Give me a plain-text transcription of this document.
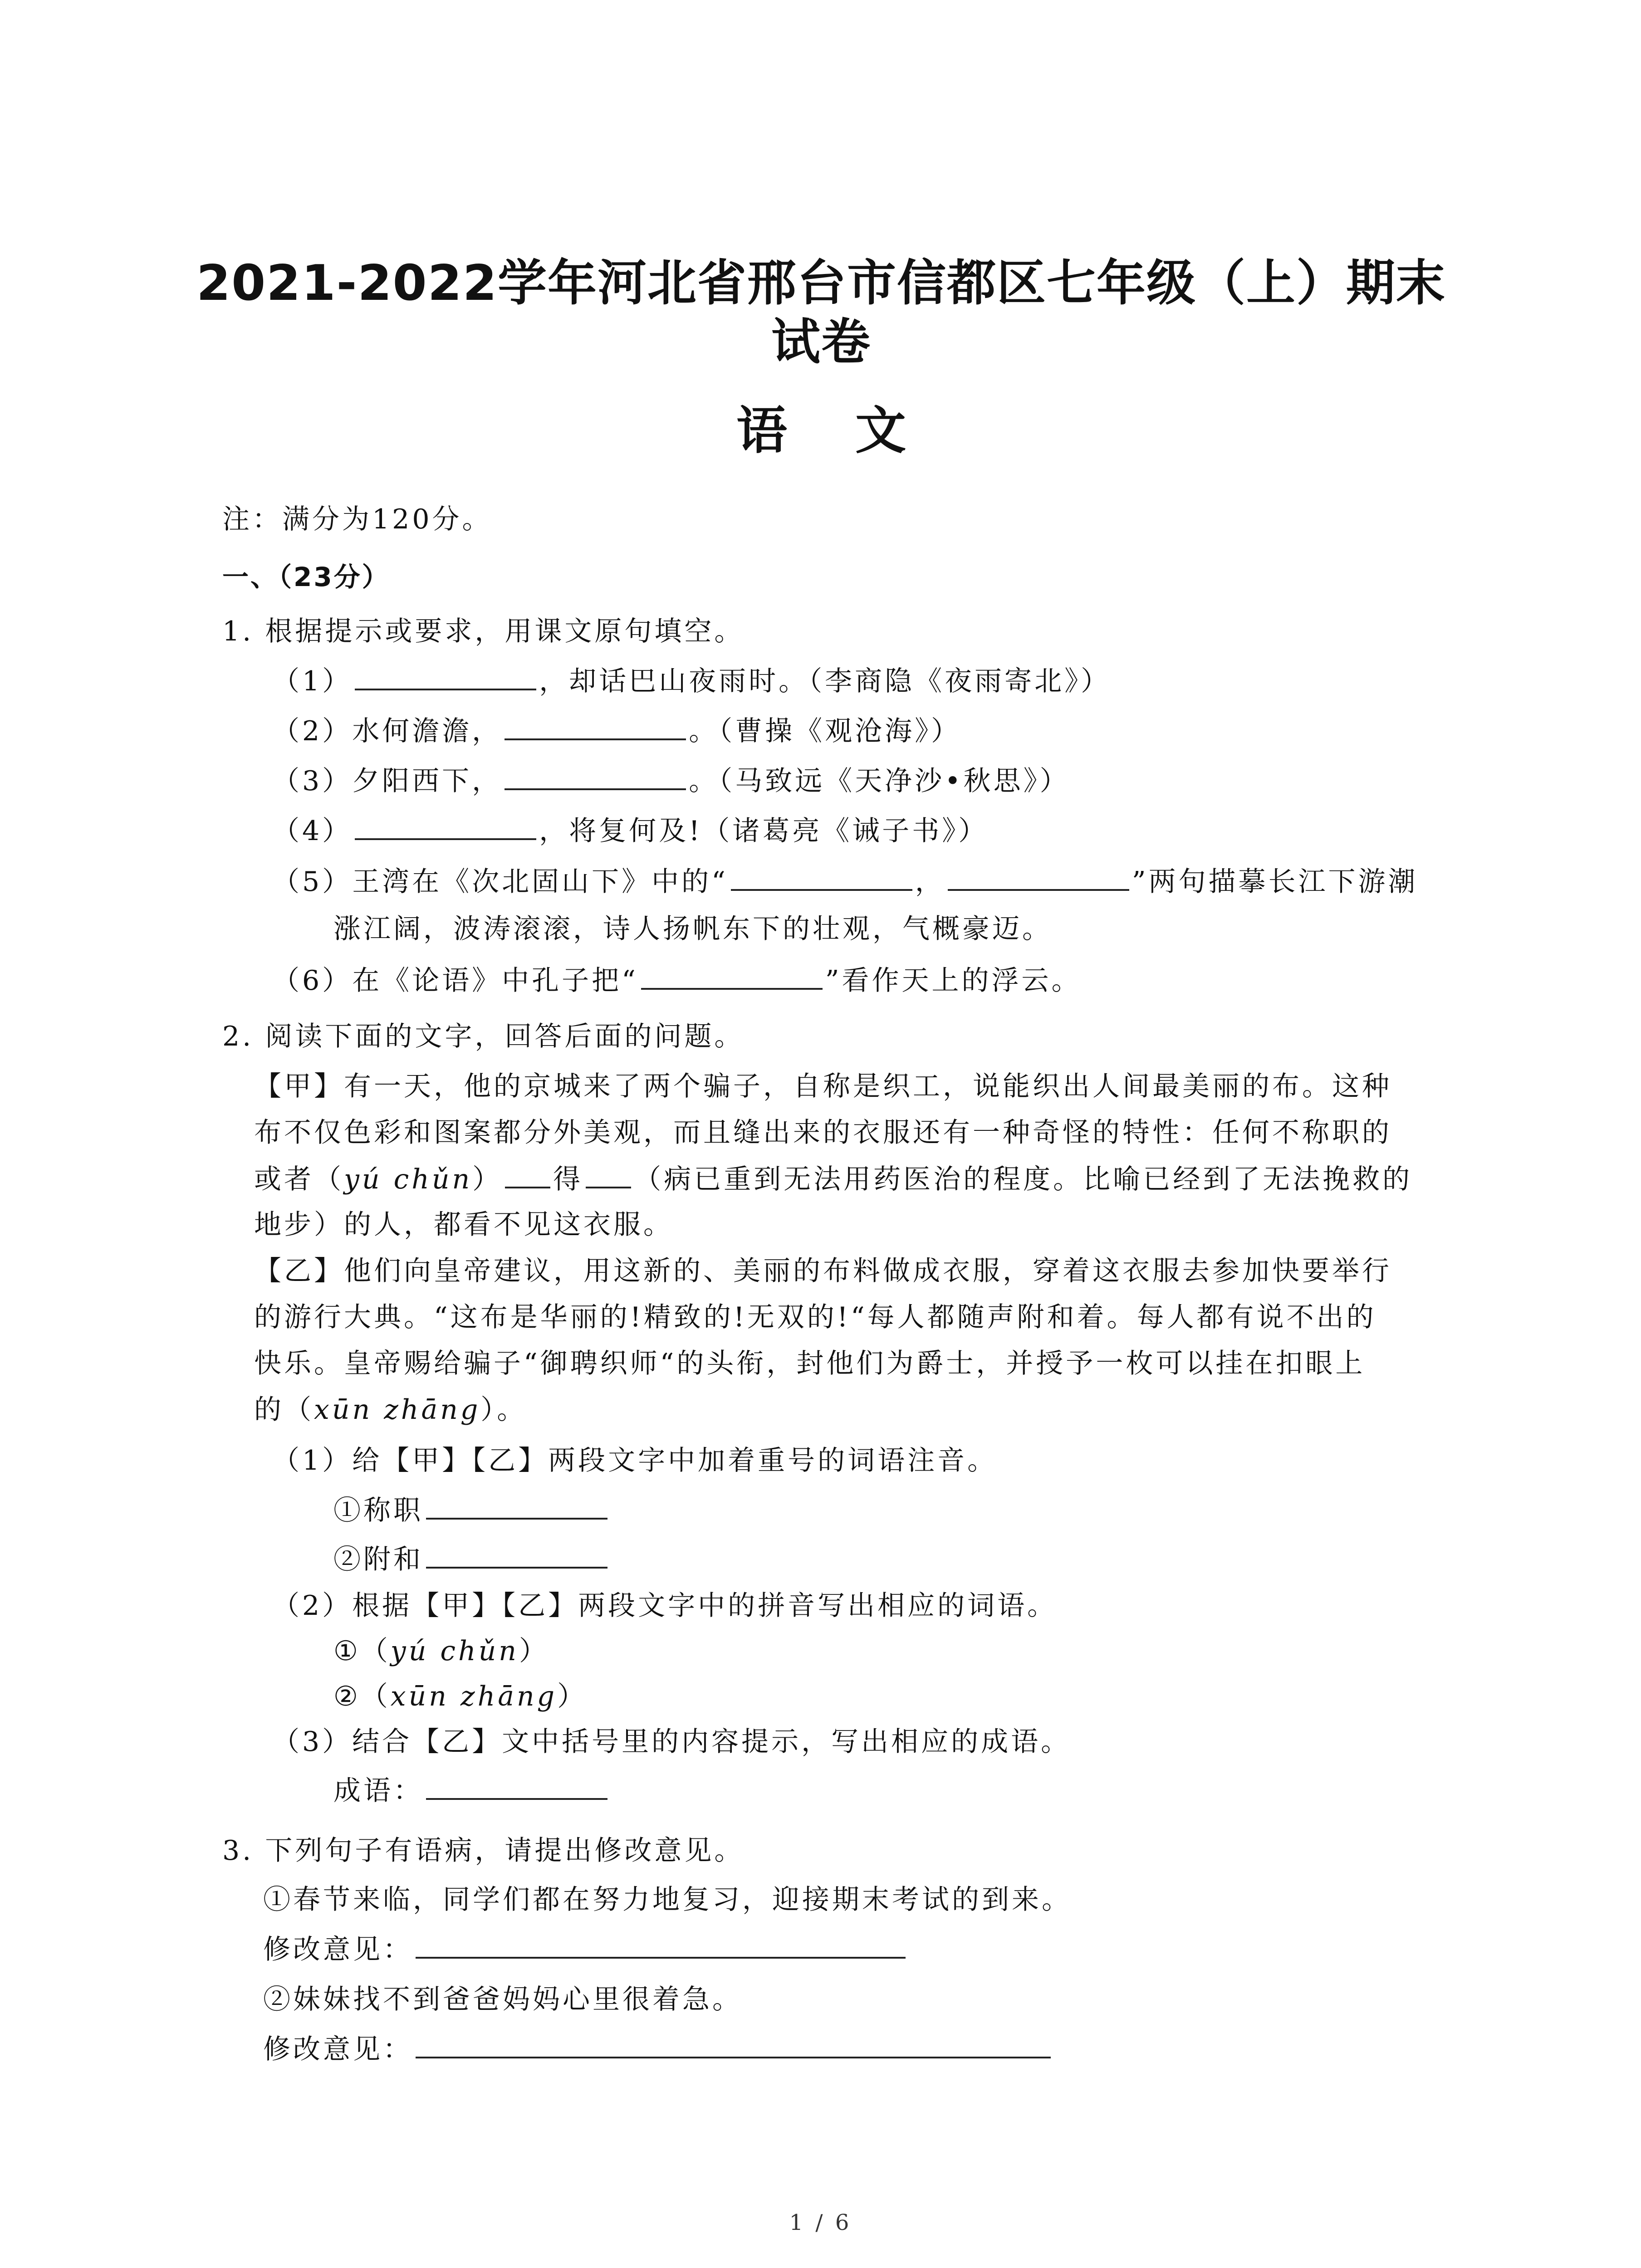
2021-2022学年河北省邢台市信都区七年级（上）期末
试卷
语文
注：满分为120分。
一、（23分）
1. 根据提示或要求，用课文原句填空。
（1）	，却话巴山夜雨时。（李商隐《夜雨寄北》）
（2）水何澹澹，	。（曹操《观沧海》）
（3）夕阳西下，	。（马致远《天净沙•秋思》）
（4）	，将复何及!（诸葛亮《诫子书》）
（5）王湾在《次北固山下》中的“	，	”两句描摹长江下游潮
涨江阔，波涛滚滚，诗人扬帆东下的壮观，气概豪迈。
（6）在《论语》中孔子把“	”看作天上的浮云。
2. 阅读下面的文字，回答后面的问题。
【甲】有一天，他的京城来了两个骗子，自称是织工，说能织出人间最美丽的布。这种
布不仅色彩和图案都分外美观，而且缝出来的衣服还有一种奇怪的特性：任何不称职的
或者（yú chǔn） 得 （病已重到无法用药医治的程度。比喻已经到了无法挽救的
地步）的人，都看不见这衣服。
【乙】他们向皇帝建议，用这新的、美丽的布料做成衣服，穿着这衣服去参加快要举行
的游行大典。“这布是华丽的!精致的!无双的!“每人都随声附和着。每人都有说不出的
快乐。皇帝赐给骗子“御聘织师“的头衔，封他们为爵士，并授予一枚可以挂在扣眼上
的（xūn zhāng）。
（1）给【甲】【乙】两段文字中加着重号的词语注音。
①称职
②附和
（2）根据【甲】【乙】两段文字中的拼音写出相应的词语。
①（yú chǔn）
②（xūn zhāng）
（3）结合【乙】文中括号里的内容提示，写出相应的成语。
成语：
3. 下列句子有语病，请提出修改意见。
①春节来临，同学们都在努力地复习，迎接期末考试的到来。
修改意见：
②妹妹找不到爸爸妈妈心里很着急。
修改意见：
1 / 6
